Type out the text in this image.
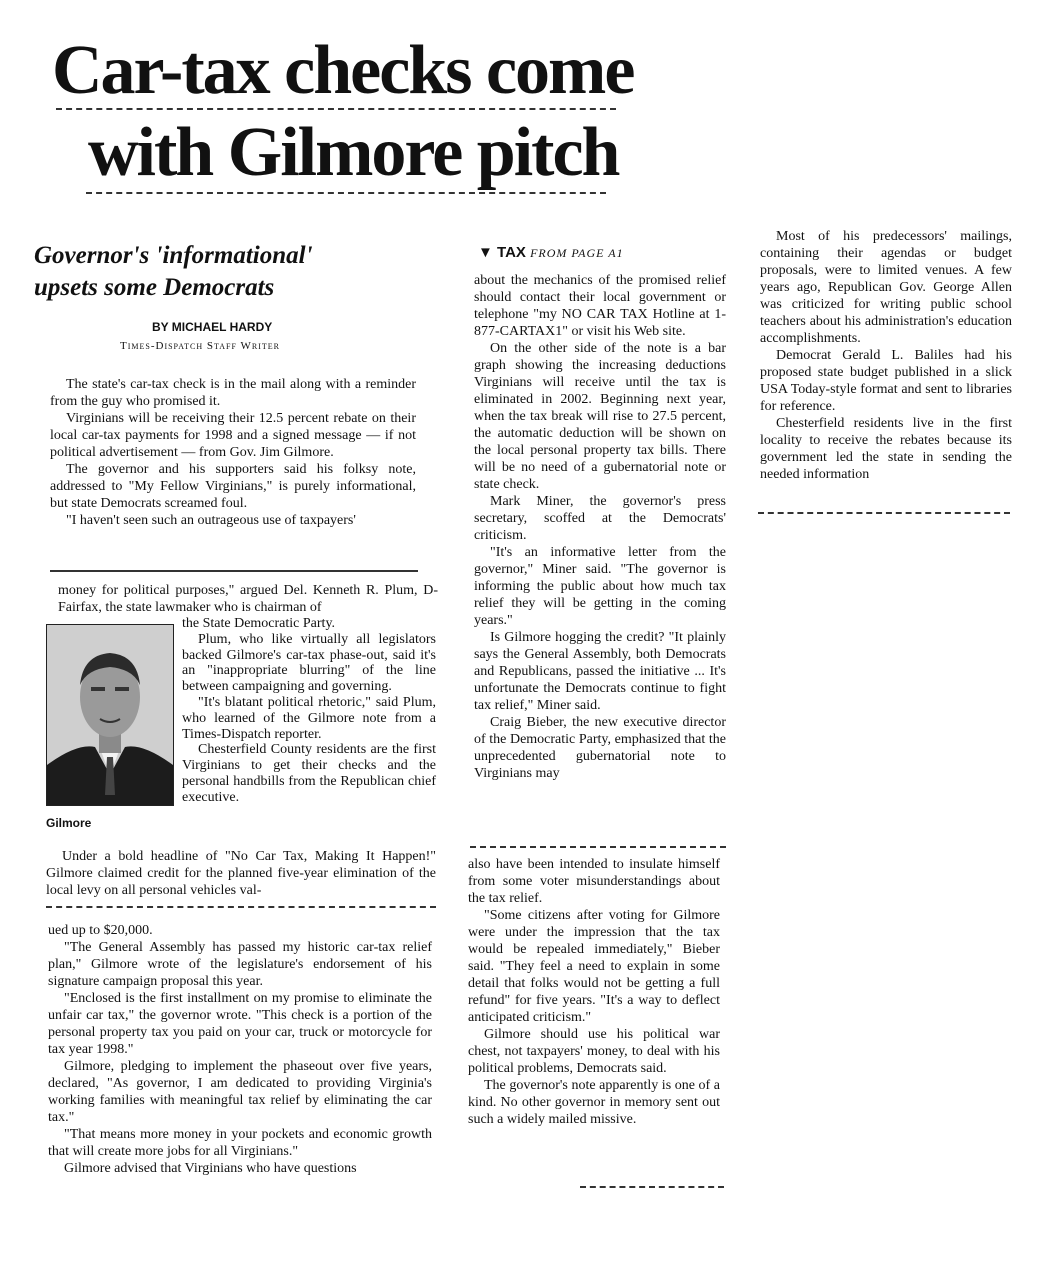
Car-tax checks come
with Gilmore pitch
Governor's 'informational'
upsets some Democrats
BY MICHAEL HARDY
Times-Dispatch Staff Writer

The state's car-tax check is in the mail along with a reminder from the guy who promised it.

Virginians will be receiving their 12.5 percent rebate on their local car-tax payments for 1998 and a signed message — if not political advertisement — from Gov. Jim Gilmore.

The governor and his supporters said his folksy note, addressed to "My Fellow Virginians," is purely informational, but state Democrats screamed foul.

"I haven't seen such an outrageous use of taxpayers'

money for political purposes," argued Del. Kenneth R. Plum, D-Fairfax, the state lawmaker who is chairman of

Gilmore

the State Democratic Party.

Plum, who like virtually all legislators backed Gilmore's car-tax phase-out, said it's an "inappropriate blurring" of the line between campaigning and governing.

"It's blatant political rhetoric," said Plum, who learned of the Gilmore note from a Times-Dispatch reporter.

Chesterfield County residents are the first Virginians to get their checks and the personal handbills from the Republican chief executive.

Under a bold headline of "No Car Tax, Making It Happen!" Gilmore claimed credit for the planned five-year elimination of the local levy on all personal vehicles val-

ued up to $20,000.

"The General Assembly has passed my historic car-tax relief plan," Gilmore wrote of the legislature's endorsement of his signature campaign proposal this year.

"Enclosed is the first installment on my promise to eliminate the unfair car tax," the governor wrote. "This check is a portion of the personal property tax you paid on your car, truck or motorcycle for tax year 1998."

Gilmore, pledging to implement the phaseout over five years, declared, "As governor, I am dedicated to providing Virginia's working families with meaningful tax relief by eliminating the car tax."

"That means more money in your pockets and economic growth that will create more jobs for all Virginians."

Gilmore advised that Virginians who have questions

▼ TAX FROM PAGE A1

about the mechanics of the promised relief should contact their local government or telephone "my NO CAR TAX Hotline at 1-877-CARTAX1" or visit his Web site.

On the other side of the note is a bar graph showing the increasing deductions Virginians will receive until the tax is eliminated in 2002. Beginning next year, when the tax break will rise to 27.5 percent, the automatic deduction will be shown on the local personal property tax bills. There will be no need of a gubernatorial note or state check.

Mark Miner, the governor's press secretary, scoffed at the Democrats' criticism.

"It's an informative letter from the governor," Miner said. "The governor is informing the public about how much tax relief they will be getting in the coming years."

Is Gilmore hogging the credit? "It plainly says the General Assembly, both Democrats and Republicans, passed the initiative ... It's unfortunate the Democrats continue to fight tax relief," Miner said.

Craig Bieber, the new executive director of the Democratic Party, emphasized that the unprecedented gubernatorial note to Virginians may

also have been intended to insulate himself from some voter misunderstandings about the tax relief.

"Some citizens after voting for Gilmore were under the impression that the tax would be repealed immediately," Bieber said. "They feel a need to explain in some detail that folks would not be getting a full refund" for five years. "It's a way to deflect anticipated criticism."

Gilmore should use his political war chest, not taxpayers' money, to deal with his political problems, Democrats said.

The governor's note apparently is one of a kind. No other governor in memory sent out such a widely mailed missive.

Most of his predecessors' mailings, containing their agendas or budget proposals, were to limited venues. A few years ago, Republican Gov. George Allen was criticized for writing public school teachers about his administration's education accomplishments.

Democrat Gerald L. Baliles had his proposed state budget published in a slick USA Today-style format and sent to libraries for reference.

Chesterfield residents live in the first locality to receive the rebates because its government led the state in sending the needed information
